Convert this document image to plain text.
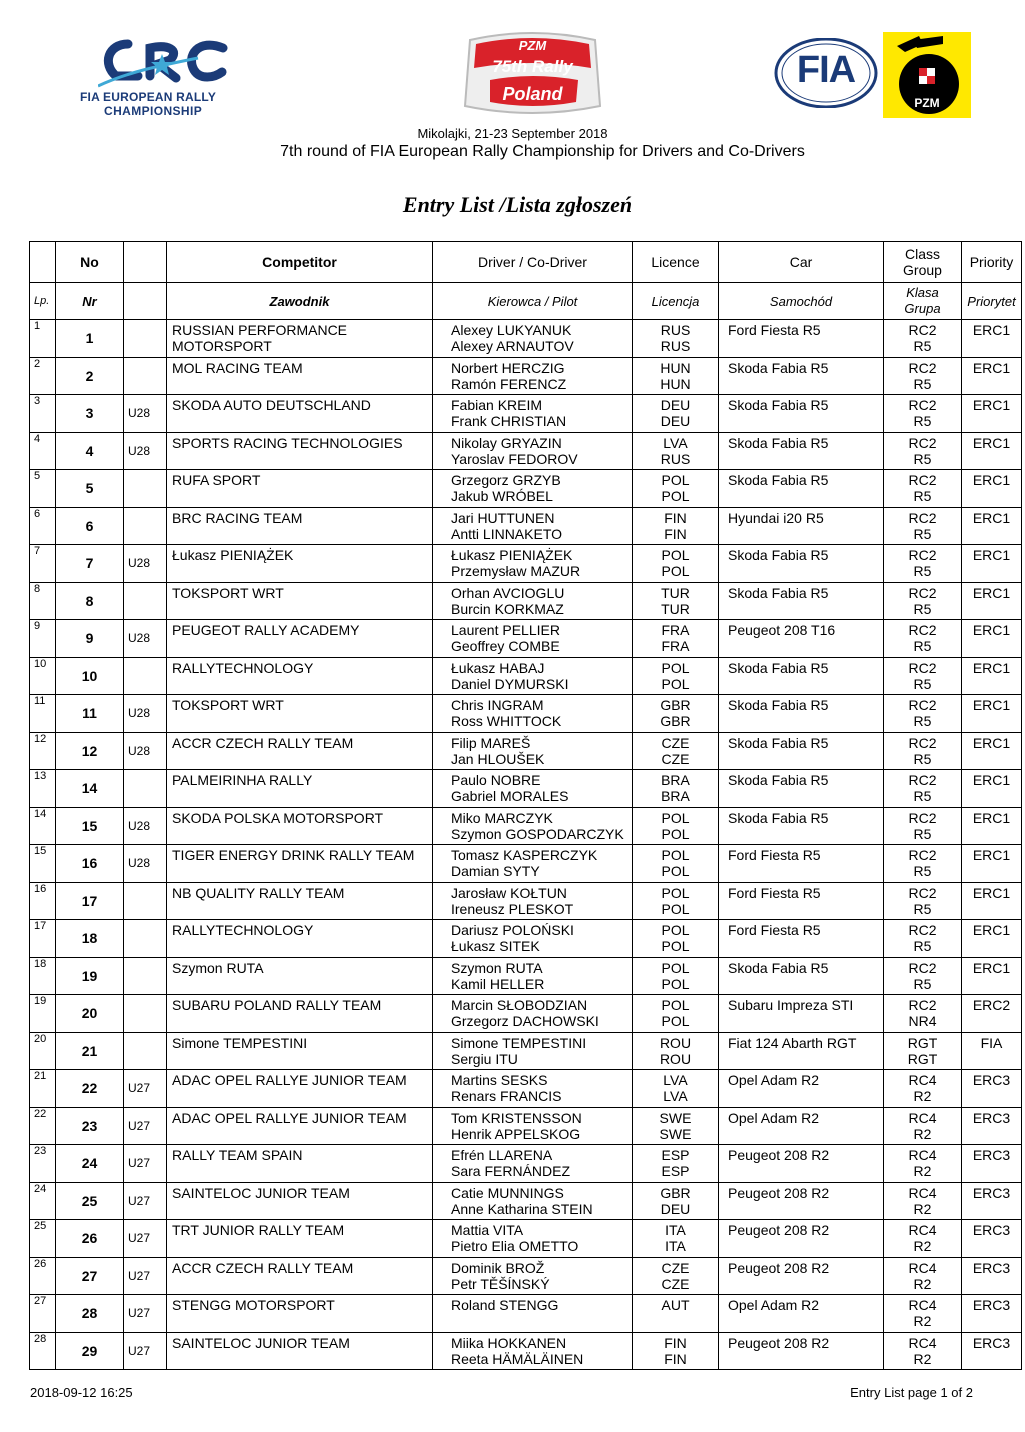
FIA EUROPEAN RALLY
CHAMPIONSHIP
PZM
75th Rally
Poland
FIA
PZM
Mikolajki, 21-23 September 2018
7th round of FIA European Rally Championship for Drivers and Co-Drivers
Entry List /Lista zgłoszeń
	No		Competitor	Driver / Co-Driver	Licence	Car	Class
Group	Priority
Lp.	Nr		Zawodnik	Kierowca / Pilot	Licencja	Samochód	Klasa
Grupa	Priorytet

1	1		RUSSIAN PERFORMANCE
MOTORSPORT	Alexey LUKYANUK
Alexey ARNAUTOV	RUS
RUS	Ford Fiesta R5	RC2
R5	ERC1

2	2		MOL RACING TEAM	Norbert HERCZIG
Ramón FERENCZ	HUN
HUN	Skoda Fabia R5	RC2
R5	ERC1

3	3	U28	SKODA AUTO DEUTSCHLAND	Fabian KREIM
Frank CHRISTIAN	DEU
DEU	Skoda Fabia R5	RC2
R5	ERC1

4	4	U28	SPORTS RACING TECHNOLOGIES	Nikolay GRYAZIN
Yaroslav FEDOROV	LVA
RUS	Skoda Fabia R5	RC2
R5	ERC1

5	5		RUFA SPORT	Grzegorz GRZYB
Jakub WRÓBEL	POL
POL	Skoda Fabia R5	RC2
R5	ERC1

6	6		BRC RACING TEAM	Jari HUTTUNEN
Antti LINNAKETO	FIN
FIN	Hyundai i20 R5	RC2
R5	ERC1

7	7	U28	Łukasz PIENIĄŻEK	Łukasz PIENIĄŻEK
Przemysław MAZUR	POL
POL	Skoda Fabia R5	RC2
R5	ERC1

8	8		TOKSPORT WRT	Orhan AVCIOGLU
Burcin KORKMAZ	TUR
TUR	Skoda Fabia R5	RC2
R5	ERC1

9	9	U28	PEUGEOT RALLY ACADEMY	Laurent PELLIER
Geoffrey COMBE	FRA
FRA	Peugeot 208 T16	RC2
R5	ERC1

10	10		RALLYTECHNOLOGY	Łukasz HABAJ
Daniel DYMURSKI	POL
POL	Skoda Fabia R5	RC2
R5	ERC1

11	11	U28	TOKSPORT WRT	Chris INGRAM
Ross WHITTOCK	GBR
GBR	Skoda Fabia R5	RC2
R5	ERC1

12	12	U28	ACCR CZECH RALLY TEAM	Filip MAREŠ
Jan HLOUŠEK	CZE
CZE	Skoda Fabia R5	RC2
R5	ERC1

13	14		PALMEIRINHA RALLY	Paulo NOBRE
Gabriel MORALES	BRA
BRA	Skoda Fabia R5	RC2
R5	ERC1

14	15	U28	SKODA POLSKA MOTORSPORT	Miko MARCZYK
Szymon GOSPODARCZYK	POL
POL	Skoda Fabia R5	RC2
R5	ERC1

15	16	U28	TIGER ENERGY DRINK RALLY TEAM	Tomasz KASPERCZYK
Damian SYTY	POL
POL	Ford Fiesta R5	RC2
R5	ERC1

16	17		NB QUALITY RALLY TEAM	Jarosław KOŁTUN
Ireneusz PLESKOT	POL
POL	Ford Fiesta R5	RC2
R5	ERC1

17	18		RALLYTECHNOLOGY	Dariusz POLOŃSKI
Łukasz SITEK	POL
POL	Ford Fiesta R5	RC2
R5	ERC1

18	19		Szymon RUTA	Szymon RUTA
Kamil HELLER	POL
POL	Skoda Fabia R5	RC2
R5	ERC1

19	20		SUBARU POLAND RALLY TEAM	Marcin SŁOBODZIAN
Grzegorz DACHOWSKI	POL
POL	Subaru Impreza STI	RC2
NR4	ERC2

20	21		Simone TEMPESTINI	Simone TEMPESTINI
Sergiu ITU	ROU
ROU	Fiat 124 Abarth RGT	RGT
RGT	FIA

21	22	U27	ADAC OPEL RALLYE JUNIOR TEAM	Martins SESKS
Renars FRANCIS	LVA
LVA	Opel Adam R2	RC4
R2	ERC3

22	23	U27	ADAC OPEL RALLYE JUNIOR TEAM	Tom KRISTENSSON
Henrik APPELSKOG	SWE
SWE	Opel Adam R2	RC4
R2	ERC3

23	24	U27	RALLY TEAM SPAIN	Efrén LLARENA
Sara FERNÁNDEZ	ESP
ESP	Peugeot 208 R2	RC4
R2	ERC3

24	25	U27	SAINTELOC JUNIOR TEAM	Catie MUNNINGS
Anne Katharina STEIN	GBR
DEU	Peugeot 208 R2	RC4
R2	ERC3

25	26	U27	TRT JUNIOR RALLY TEAM	Mattia VITA
Pietro Elia OMETTO	ITA
ITA	Peugeot 208 R2	RC4
R2	ERC3

26	27	U27	ACCR CZECH RALLY TEAM	Dominik BROŽ
Petr TĚŠÍNSKÝ	CZE
CZE	Peugeot 208 R2	RC4
R2	ERC3

27	28	U27	STENGG MOTORSPORT	Roland STENGG	AUT	Opel Adam R2	RC4
R2	ERC3

28	29	U27	SAINTELOC JUNIOR TEAM	Miika HOKKANEN
Reeta HÄMÄLÄINEN	FIN
FIN	Peugeot 208 R2	RC4
R2	ERC3
2018-09-12 16:25	Entry List page 1 of 2
